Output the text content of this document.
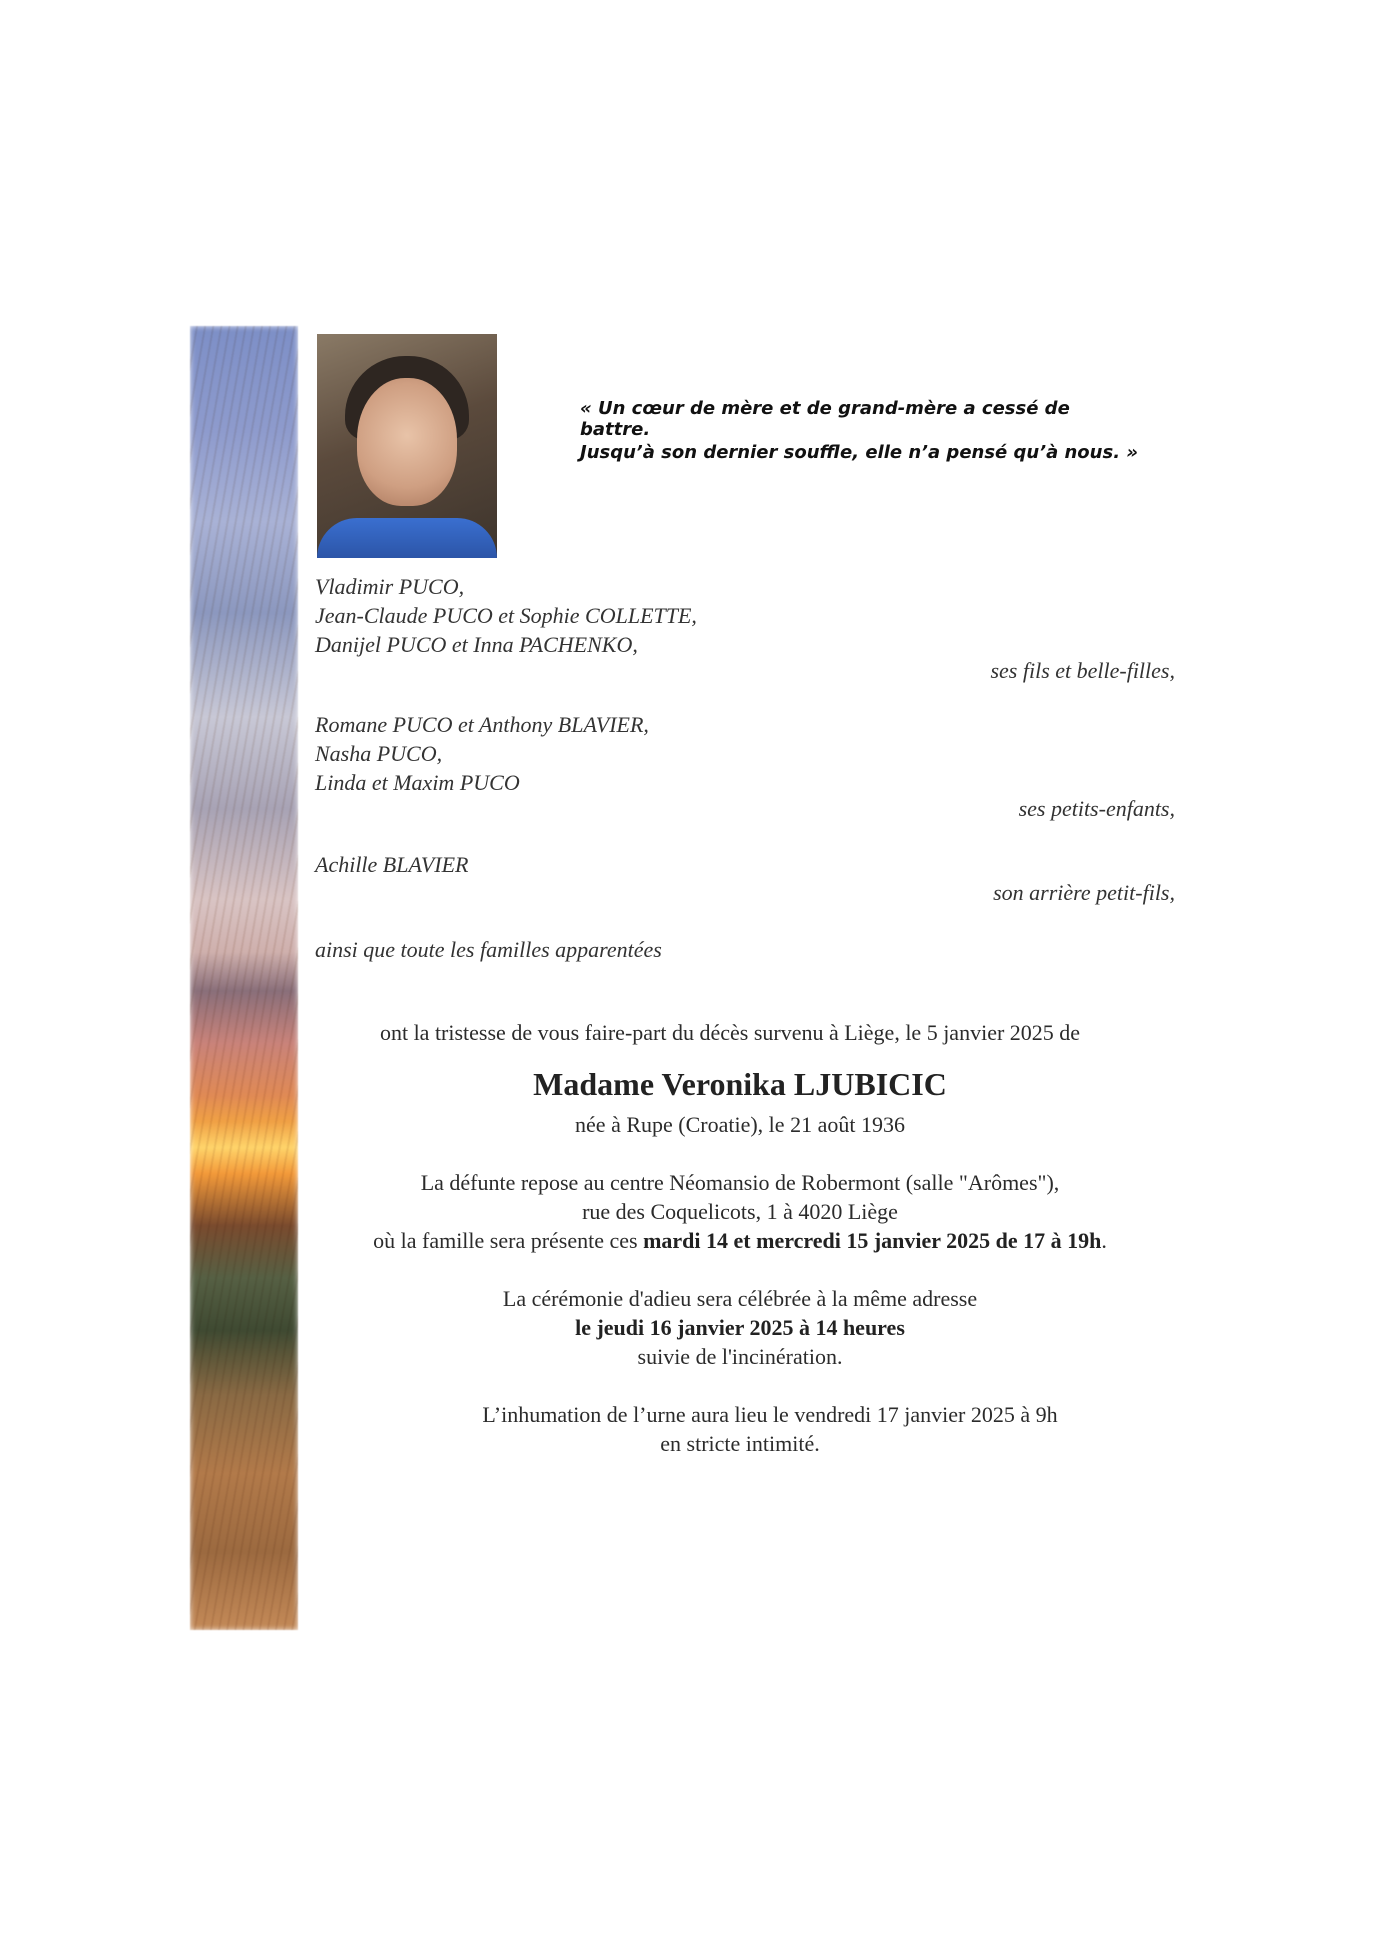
« Un cœur de mère et de grand-mère a cessé de battre.
Jusqu’à son dernier souffle, elle n’a pensé qu’à nous. »
Vladimir PUCO,
Jean-Claude PUCO et Sophie COLLETTE,
Danijel PUCO et Inna PACHENKO,
ses fils et belle-filles,
Romane PUCO et Anthony BLAVIER,
Nasha PUCO,
Linda et Maxim PUCO
ses petits-enfants,
Achille BLAVIER
son arrière petit-fils,
ainsi que toute les familles apparentées
ont la tristesse de vous faire-part du décès survenu à Liège, le 5 janvier 2025 de
Madame Veronika LJUBICIC
née à Rupe (Croatie), le 21 août 1936
La défunte repose au centre Néomansio de Robermont (salle "Arômes"),
rue des Coquelicots, 1 à 4020 Liège
où la famille sera présente ces mardi 14 et mercredi 15 janvier 2025 de 17 à 19h.
La cérémonie d'adieu sera célébrée à la même adresse
le jeudi 16 janvier 2025 à 14 heures
suivie de l'incinération.
L’inhumation de l’urne aura lieu le vendredi 17 janvier 2025 à 9h
en stricte intimité.
